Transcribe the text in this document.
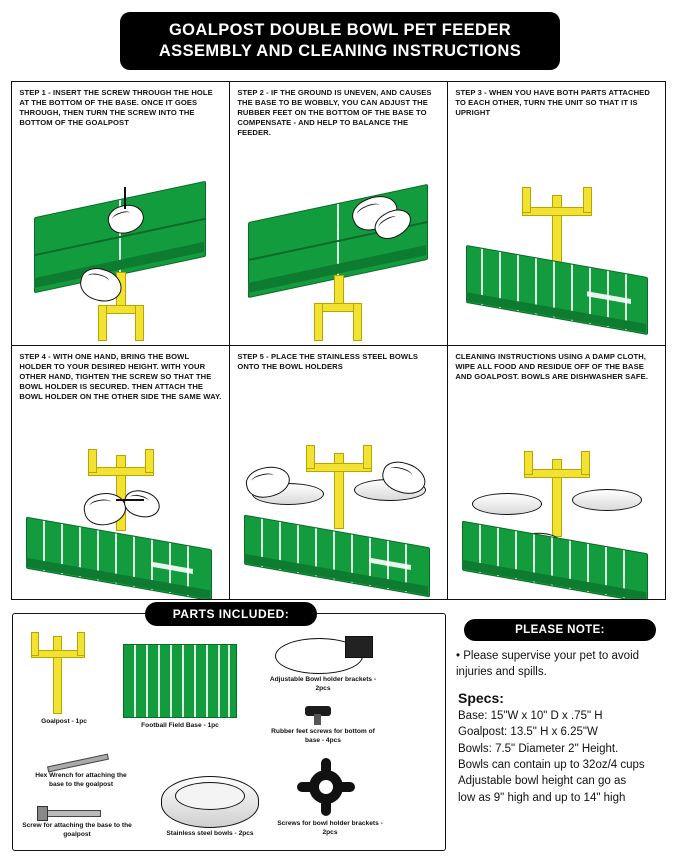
GOALPOST DOUBLE BOWL PET FEEDER
ASSEMBLY AND CLEANING INSTRUCTIONS
STEP 1 - INSERT THE SCREW THROUGH THE HOLE AT THE BOTTOM OF THE BASE. ONCE IT GOES THROUGH, THEN TURN THE SCREW INTO THE BOTTOM OF THE GOALPOST
STEP 2 - IF THE GROUND IS UNEVEN, AND CAUSES THE BASE TO BE WOBBLY, YOU CAN ADJUST THE RUBBER FEET ON THE BOTTOM OF THE BASE TO COMPENSATE - AND HELP TO BALANCE THE FEEDER.
STEP 3 - WHEN YOU HAVE BOTH PARTS ATTACHED TO EACH OTHER, TURN THE UNIT SO THAT IT IS UPRIGHT
STEP 4 - WITH ONE HAND, BRING THE BOWL HOLDER TO YOUR DESIRED HEIGHT. WITH YOUR OTHER HAND, TIGHTEN THE SCREW SO THAT THE BOWL HOLDER IS SECURED. THEN ATTACH THE BOWL HOLDER ON THE OTHER SIDE THE SAME WAY.
STEP 5 - PLACE THE STAINLESS STEEL BOWLS ONTO THE BOWL HOLDERS
CLEANING INSTRUCTIONS USING A DAMP CLOTH, WIPE ALL FOOD AND RESIDUE OFF OF THE BASE AND GOALPOST. BOWLS ARE DISHWASHER SAFE.
PARTS INCLUDED:
Goalpost - 1pc
Football Field Base - 1pc
Adjustable Bowl holder brackets - 2pcs
Rubber feet screws for bottom of base - 4pcs
Hex Wrench for attaching the base to the goalpost
Screw for attaching the base to the goalpost	Stainless steel bowls - 2pcs
Screws for bowl holder brackets - 2pcs
PLEASE NOTE:
• Please supervise your pet to avoid injuries and spills.
Specs:
Base: 15"W x 10" D x .75" H
Goalpost: 13.5" H x 6.25"W
Bowls: 7.5" Diameter 2" Height.
Bowls can contain up to 32oz/4 cups
Adjustable bowl height can go as
low as 9" high and up to 14" high
